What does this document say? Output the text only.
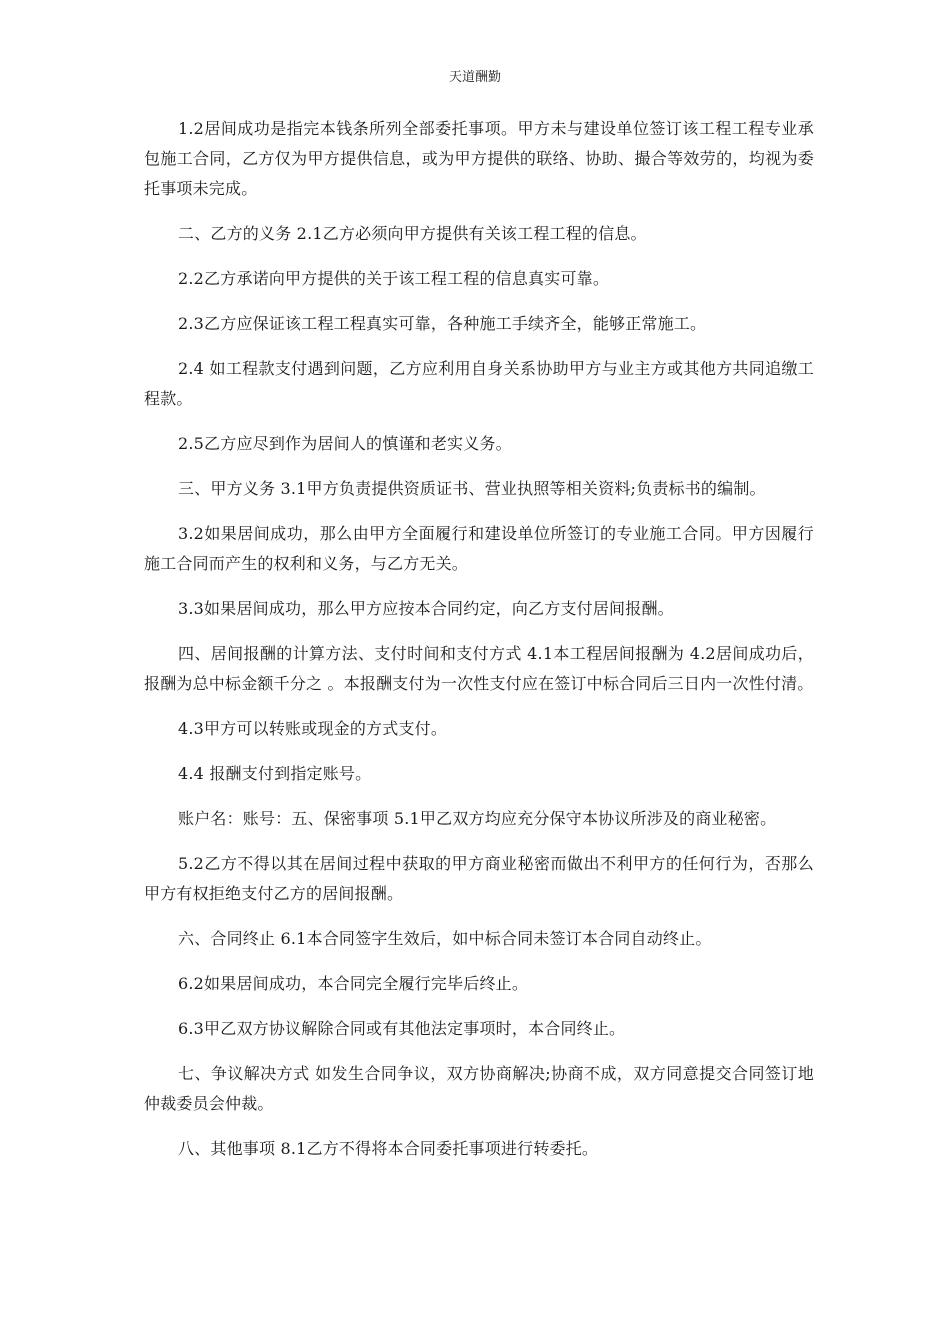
天道酬勤

1.2居间成功是指完本钱条所列全部委托事项。甲方未与建设单位签订该工程工程专业承包施工合同，乙方仅为甲方提供信息，或为甲方提供的联络、协助、撮合等效劳的，均视为委托事项未完成。

二、乙方的义务 2.1乙方必须向甲方提供有关该工程工程的信息。

2.2乙方承诺向甲方提供的关于该工程工程的信息真实可靠。

2.3乙方应保证该工程工程真实可靠，各种施工手续齐全，能够正常施工。

2.4 如工程款支付遇到问题，乙方应利用自身关系协助甲方与业主方或其他方共同追缴工程款。

2.5乙方应尽到作为居间人的慎谨和老实义务。

三、甲方义务 3.1甲方负责提供资质证书、营业执照等相关资料;负责标书的编制。

3.2如果居间成功，那么由甲方全面履行和建设单位所签订的专业施工合同。甲方因履行施工合同而产生的权利和义务，与乙方无关。

3.3如果居间成功，那么甲方应按本合同约定，向乙方支付居间报酬。

四、居间报酬的计算方法、支付时间和支付方式 4.1本工程居间报酬为 4.2居间成功后，报酬为总中标金额千分之 。本报酬支付为一次性支付应在签订中标合同后三日内一次性付清。

4.3甲方可以转账或现金的方式支付。

4.4 报酬支付到指定账号。

账户名：账号：五、保密事项 5.1甲乙双方均应充分保守本协议所涉及的商业秘密。

5.2乙方不得以其在居间过程中获取的甲方商业秘密而做出不利甲方的任何行为，否那么甲方有权拒绝支付乙方的居间报酬。

六、合同终止 6.1本合同签字生效后，如中标合同未签订本合同自动终止。

6.2如果居间成功，本合同完全履行完毕后终止。

6.3甲乙双方协议解除合同或有其他法定事项时，本合同终止。

七、争议解决方式 如发生合同争议，双方协商解决;协商不成，双方同意提交合同签订地仲裁委员会仲裁。

八、其他事项 8.1乙方不得将本合同委托事项进行转委托。
